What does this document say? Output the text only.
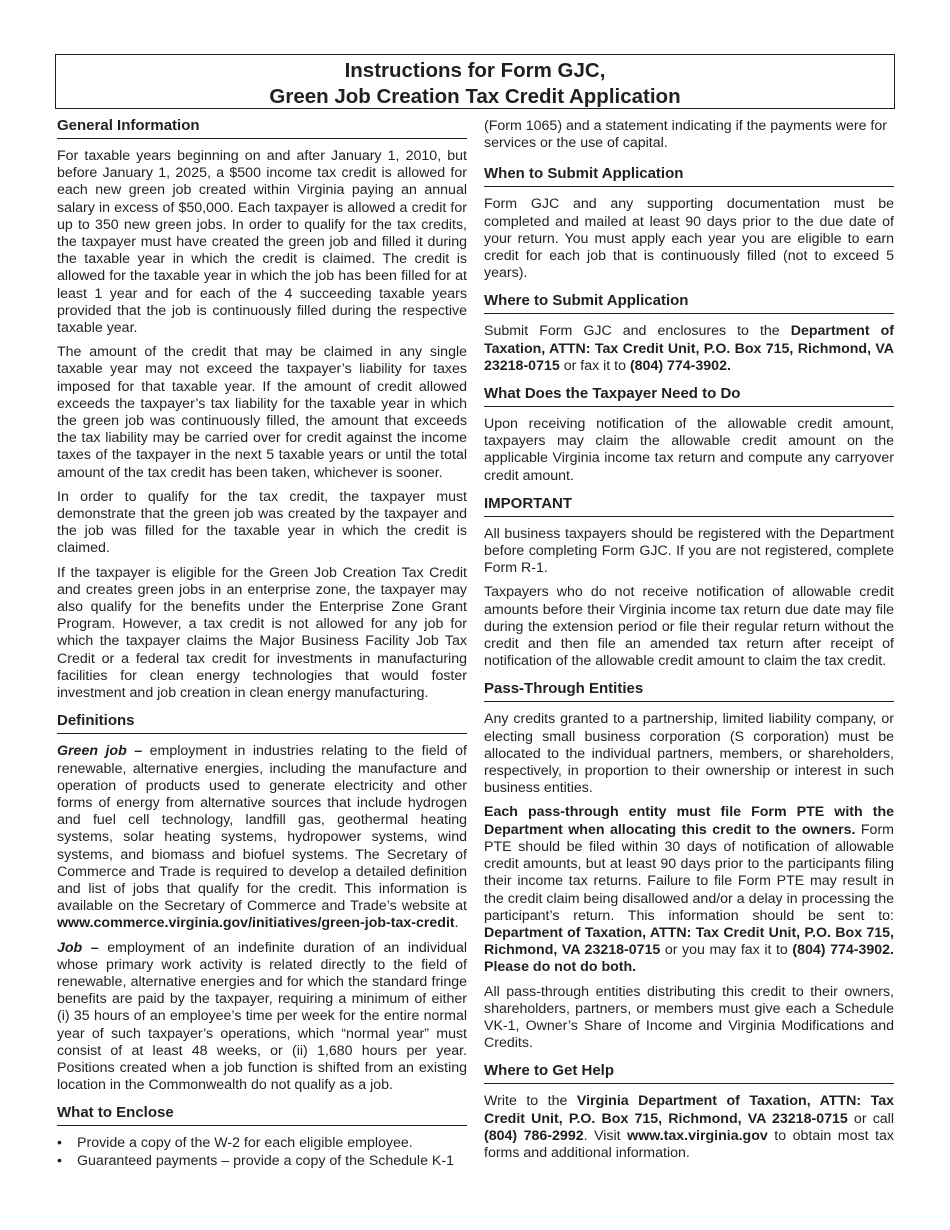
Instructions for Form GJC,
Green Job Creation Tax Credit Application
General Information

For taxable years beginning on and after January 1, 2010, but before January 1, 2025, a $500 income tax credit is allowed for each new green job created within Virginia paying an annual salary in excess of $50,000. Each taxpayer is allowed a credit for up to 350 new green jobs. In order to qualify for the tax credits, the taxpayer must have created the green job and filled it during the taxable year in which the credit is claimed. The credit is allowed for the taxable year in which the job has been filled for at least 1 year and for each of the 4 succeeding taxable years provided that the job is continuously filled during the respective taxable year.

The amount of the credit that may be claimed in any single taxable year may not exceed the taxpayer’s liability for taxes imposed for that taxable year. If the amount of credit allowed exceeds the taxpayer’s tax liability for the taxable year in which the green job was continuously filled, the amount that exceeds the tax liability may be carried over for credit against the income taxes of the taxpayer in the next 5 taxable years or until the total amount of the tax credit has been taken, whichever is sooner.

In order to qualify for the tax credit, the taxpayer must demonstrate that the green job was created by the taxpayer and the job was filled for the taxable year in which the credit is claimed.

If the taxpayer is eligible for the Green Job Creation Tax Credit and creates green jobs in an enterprise zone, the taxpayer may also qualify for the benefits under the Enterprise Zone Grant Program. However, a tax credit is not allowed for any job for which the taxpayer claims the Major Business Facility Job Tax Credit or a federal tax credit for investments in manufacturing facilities for clean energy technologies that would foster investment and job creation in clean energy manufacturing.

Definitions

Green job – employment in industries relating to the field of renewable, alternative energies, including the manufacture and operation of products used to generate electricity and other forms of energy from alternative sources that include hydrogen and fuel cell technology, landfill gas, geothermal heating systems, solar heating systems, hydropower systems, wind systems, and biomass and biofuel systems. The Secretary of Commerce and Trade is required to develop a detailed definition and list of jobs that qualify for the credit. This information is available on the Secretary of Commerce and Trade’s website at www.commerce.virginia.gov/initiatives/green-job-tax-credit.

Job – employment of an indefinite duration of an individual whose primary work activity is related directly to the field of renewable, alternative energies and for which the standard fringe benefits are paid by the taxpayer, requiring a minimum of either (i) 35 hours of an employee’s time per week for the entire normal year of such taxpayer’s operations, which “normal year” must consist of at least 48 weeks, or (ii) 1,680 hours per year. Positions created when a job function is shifted from an existing location in the Commonwealth do not qualify as a job.

What to Enclose
• Provide a copy of the W-2 for each eligible employee.
• Guaranteed payments – provide a copy of the Schedule K-1

(Form 1065) and a statement indicating if the payments were for services or the use of capital.

When to Submit Application

Form GJC and any supporting documentation must be completed and mailed at least 90 days prior to the due date of your return. You must apply each year you are eligible to earn credit for each job that is continuously filled (not to exceed 5 years).

Where to Submit Application

Submit Form GJC and enclosures to the Department of Taxation, ATTN: Tax Credit Unit, P.O. Box 715, Richmond, VA 23218-0715 or fax it to (804) 774-3902.

What Does the Taxpayer Need to Do

Upon receiving notification of the allowable credit amount, taxpayers may claim the allowable credit amount on the applicable Virginia income tax return and compute any carryover credit amount.

IMPORTANT

All business taxpayers should be registered with the Department before completing Form GJC. If you are not registered, complete Form R-1.

Taxpayers who do not receive notification of allowable credit amounts before their Virginia income tax return due date may file during the extension period or file their regular return without the credit and then file an amended tax return after receipt of notification of the allowable credit amount to claim the tax credit.

Pass-Through Entities

Any credits granted to a partnership, limited liability company, or electing small business corporation (S corporation) must be allocated to the individual partners, members, or shareholders, respectively, in proportion to their ownership or interest in such business entities.

Each pass-through entity must file Form PTE with the Department when allocating this credit to the owners. Form PTE should be filed within 30 days of notification of allowable credit amounts, but at least 90 days prior to the participants filing their income tax returns. Failure to file Form PTE may result in the credit claim being disallowed and/or a delay in processing the participant’s return. This information should be sent to: Department of Taxation, ATTN: Tax Credit Unit, P.O. Box 715, Richmond, VA 23218-0715 or you may fax it to (804) 774-3902. Please do not do both.

All pass-through entities distributing this credit to their owners, shareholders, partners, or members must give each a Schedule VK-1, Owner’s Share of Income and Virginia Modifications and Credits.

Where to Get Help

Write to the Virginia Department of Taxation, ATTN: Tax Credit Unit, P.O. Box 715, Richmond, VA 23218-0715 or call (804) 786-2992. Visit www.tax.virginia.gov to obtain most tax forms and additional information.
